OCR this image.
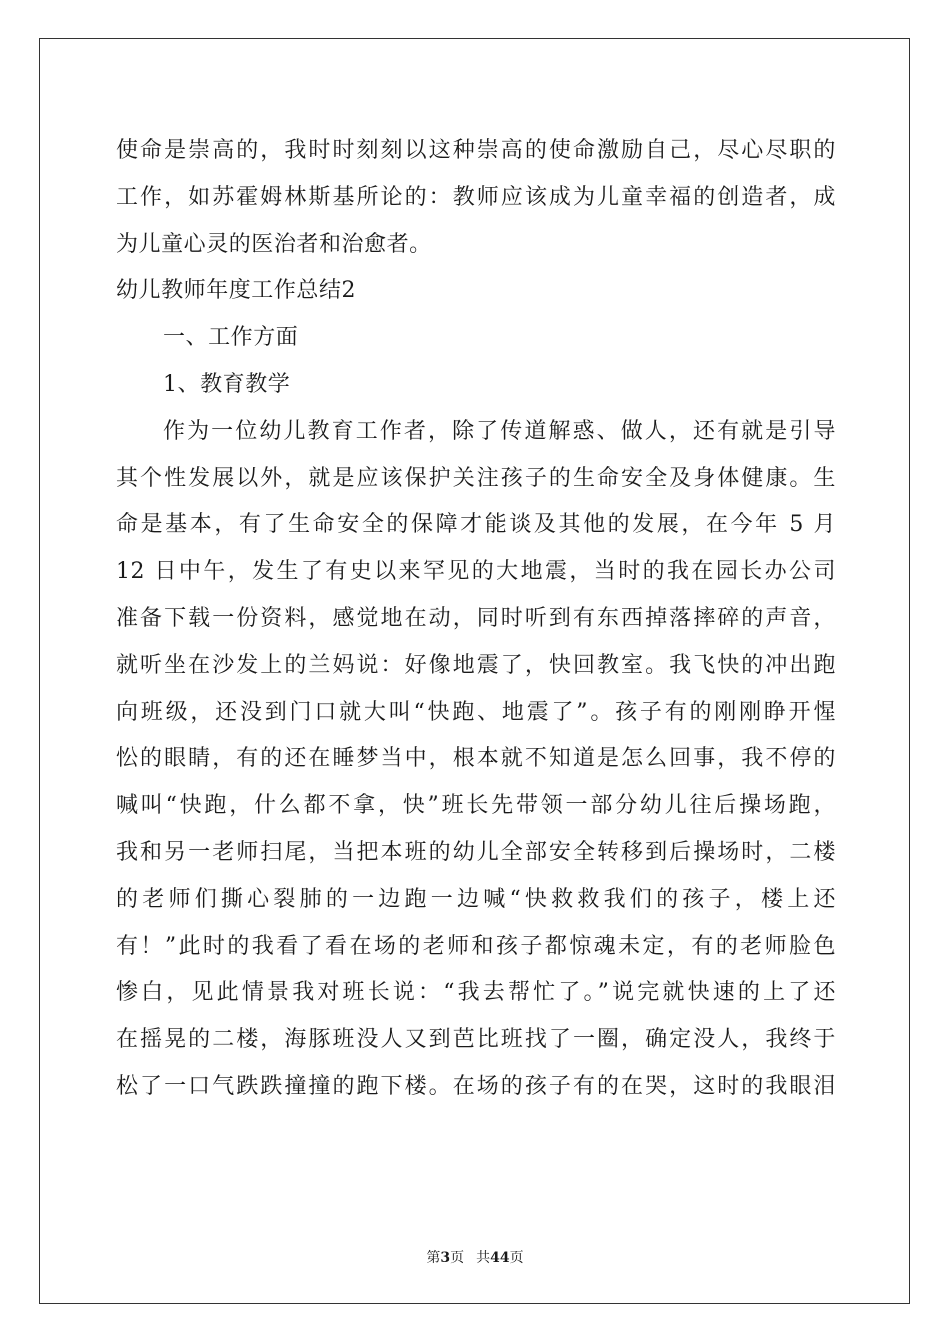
使命是崇高的，我时时刻刻以这种崇高的使命激励自己，尽心尽职的
工作，如苏霍姆林斯基所论的：教师应该成为儿童幸福的创造者，成
为儿童心灵的医治者和治愈者。
幼儿教师年度工作总结2
一、工作方面
1、教育教学
作为一位幼儿教育工作者，除了传道解惑、做人，还有就是引导
其个性发展以外，就是应该保护关注孩子的生命安全及身体健康。生
命是基本，有了生命安全的保障才能谈及其他的发展，在今年 5 月
12 日中午，发生了有史以来罕见的大地震，当时的我在园长办公司
准备下载一份资料，感觉地在动，同时听到有东西掉落摔碎的声音，
就听坐在沙发上的兰妈说：好像地震了，快回教室。我飞快的冲出跑
向班级，还没到门口就大叫“快跑、地震了”。孩子有的刚刚睁开惺
忪的眼睛，有的还在睡梦当中，根本就不知道是怎么回事，我不停的
喊叫“快跑，什么都不拿，快”班长先带领一部分幼儿往后操场跑，
我和另一老师扫尾，当把本班的幼儿全部安全转移到后操场时，二楼
的老师们撕心裂肺的一边跑一边喊“快救救我们的孩子，楼上还
有！”此时的我看了看在场的老师和孩子都惊魂未定，有的老师脸色
惨白，见此情景我对班长说：“我去帮忙了。”说完就快速的上了还
在摇晃的二楼，海豚班没人又到芭比班找了一圈，确定没人，我终于
松了一口气跌跌撞撞的跑下楼。在场的孩子有的在哭，这时的我眼泪
第3页 共44页
